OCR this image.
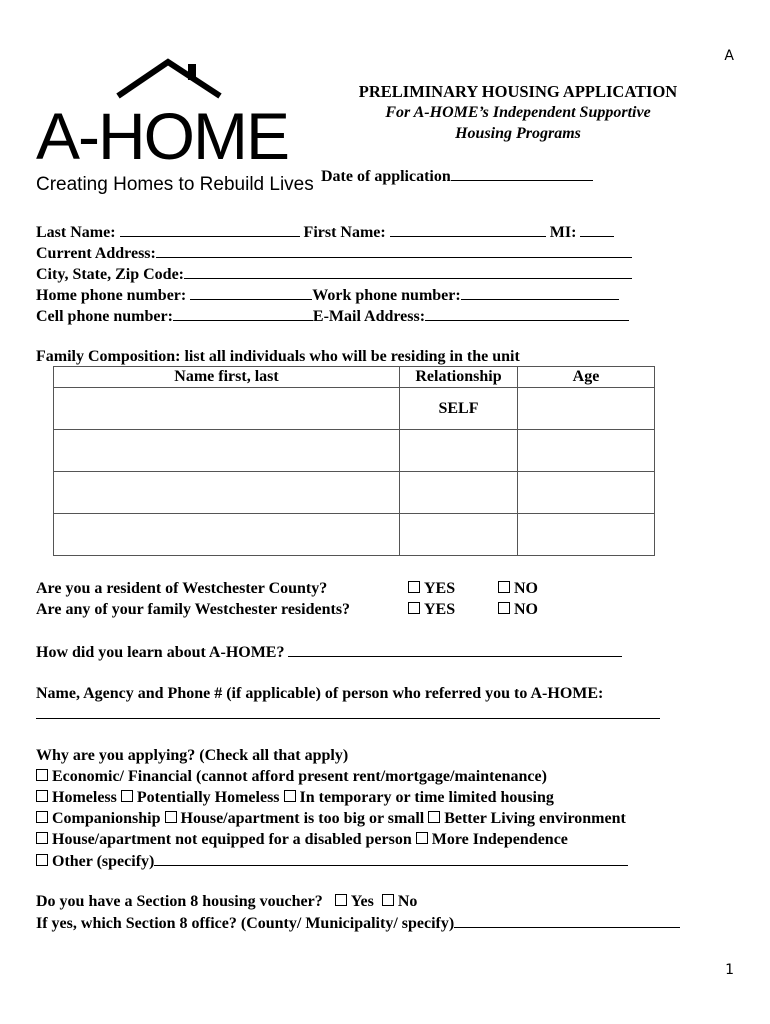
A
A-HOME
Creating Homes to Rebuild Lives
PRELIMINARY HOUSING APPLICATION
For A-HOME’s Independent Supportive
Housing Programs
Date of application
Last Name:	First Name:	MI:
Current Address:
City, State, Zip Code:
Home phone number:	Work phone number:
Cell phone number:	E-Mail Address:
Family Composition: list all individuals who will be residing in the unit
Name first, last	Relationship	Age
	SELF	

Are you a resident of Westchester County?	YES	NO
Are any of your family Westchester residents?	YES	NO
How did you learn about A-HOME?
Name, Agency and Phone # (if applicable) of person who referred you to A-HOME:
Why are you applying? (Check all that apply)
Economic/ Financial (cannot afford present rent/mortgage/maintenance)
Homeless Potentially Homeless In temporary or time limited housing
Companionship House/apartment is too big or small Better Living environment
House/apartment not equipped for a disabled person More Independence
Other (specify)
Do you have a Section 8 housing voucher? Yes No
If yes, which Section 8 office? (County/ Municipality/ specify)
1
